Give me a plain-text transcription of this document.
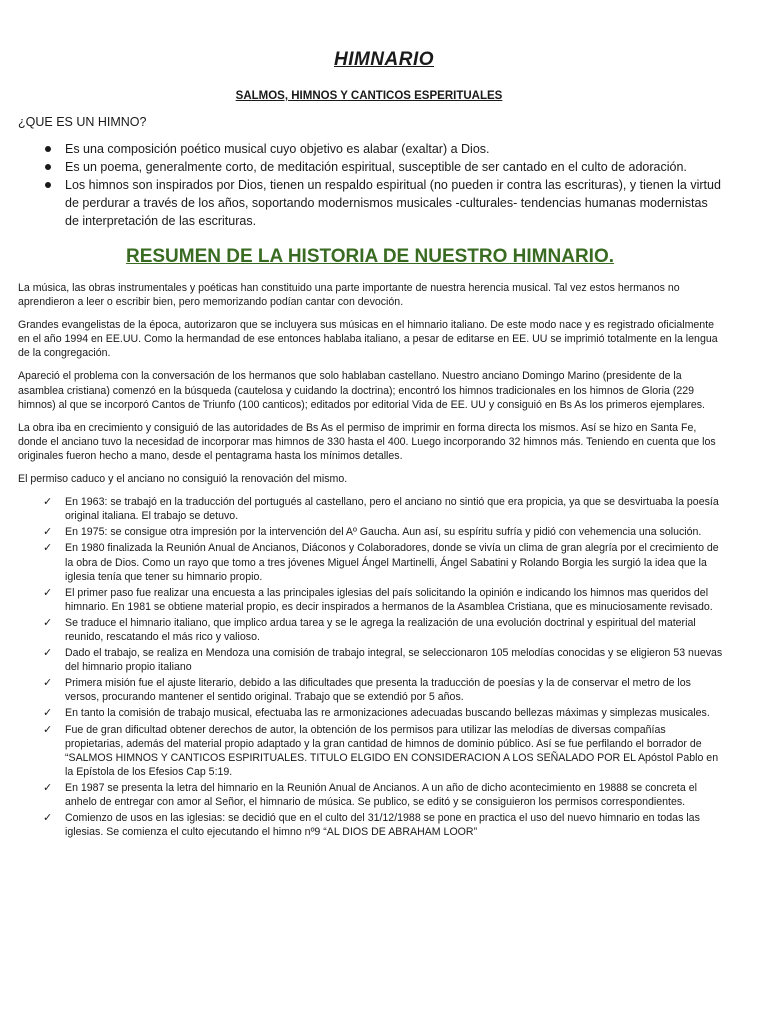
HIMNARIO
SALMOS, HIMNOS Y CANTICOS ESPERITUALES
¿QUE ES UN HIMNO?
Es una composición poético musical cuyo objetivo es alabar (exaltar) a Dios.
Es un poema, generalmente corto, de meditación espiritual, susceptible de ser cantado en el culto de adoración.
Los himnos son inspirados por Dios, tienen un respaldo espiritual (no pueden ir contra las escrituras), y tienen la virtud de perdurar a través de los años, soportando modernismos musicales -culturales- tendencias humanas modernistas de interpretación de las escrituras.
RESUMEN DE LA HISTORIA DE NUESTRO HIMNARIO.

La música, las obras instrumentales y poéticas han constituido una parte importante de nuestra herencia musical. Tal vez estos hermanos no aprendieron a leer o escribir bien, pero memorizando podían cantar con devoción.

Grandes evangelistas de la época, autorizaron que se incluyera sus músicas en el himnario italiano. De este modo nace y es registrado oficialmente en el año 1994 en EE.UU. Como la hermandad de ese entonces hablaba italiano, a pesar de editarse en EE. UU se imprimió totalmente en la lengua de la congregación.

Apareció el problema con la conversación de los hermanos que solo hablaban castellano. Nuestro anciano Domingo Marino (presidente de la asamblea cristiana) comenzó en la búsqueda (cautelosa y cuidando la doctrina); encontró los himnos tradicionales en los himnos de Gloria (229 himnos) al que se incorporó Cantos de Triunfo (100 canticos); editados por editorial Vida de EE. UU y consiguió en Bs As los primeros ejemplares.

La obra iba en crecimiento y consiguió de las autoridades de Bs As el permiso de imprimir en forma directa los mismos. Así se hizo en Santa Fe, donde el anciano tuvo la necesidad de incorporar mas himnos de 330 hasta el 400. Luego incorporando 32 himnos más. Teniendo en cuenta que los originales fueron hecho a mano, desde el pentagrama hasta los mínimos detalles.

El permiso caduco y el anciano no consiguió la renovación del mismo.

✓ En 1963: se trabajó en la traducción del portugués al castellano, pero el anciano no sintió que era propicia, ya que se desvirtuaba la poesía original italiana. El trabajo se detuvo.
✓ En 1975: se consigue otra impresión por la intervención del Aº Gaucha. Aun así, su espíritu sufría y pidió con vehemencia una solución.
✓ En 1980 finalizada la Reunión Anual de Ancianos, Diáconos y Colaboradores, donde se vivía un clima de gran alegría por el crecimiento de la obra de Dios. Como un rayo que tomo a tres jóvenes Miguel Ángel Martinelli, Ángel Sabatini y Rolando Borgia les surgió la idea que la iglesia tenía que tener su himnario propio.
✓ El primer paso fue realizar una encuesta a las principales iglesias del país solicitando la opinión e indicando los himnos mas queridos del himnario. En 1981 se obtiene material propio, es decir inspirados a hermanos de la Asamblea Cristiana, que es minuciosamente revisado.
✓ Se traduce el himnario italiano, que implico ardua tarea y se le agrega la realización de una evolución doctrinal y espiritual del material reunido, rescatando el más rico y valioso.
✓ Dado el trabajo, se realiza en Mendoza una comisión de trabajo integral, se seleccionaron 105 melodías conocidas y se eligieron 53 nuevas del himnario propio italiano
✓ Primera misión fue el ajuste literario, debido a las dificultades que presenta la traducción de poesías y la de conservar el metro de los versos, procurando mantener el sentido original. Trabajo que se extendió por 5 años.
✓ En tanto la comisión de trabajo musical, efectuaba las re armonizaciones adecuadas buscando bellezas máximas y simplezas musicales.
✓ Fue de gran dificultad obtener derechos de autor, la obtención de los permisos para utilizar las melodías de diversas compañías propietarias, además del material propio adaptado y la gran cantidad de himnos de dominio público. Así se fue perfilando el borrador de “SALMOS HIMNOS Y CANTICOS ESPIRITUALES. TITULO ELGIDO EN CONSIDERACION A LOS SEÑALADO POR EL Apóstol Pablo en la Epístola de los Efesios Cap 5:19.
✓ En 1987 se presenta la letra del himnario en la Reunión Anual de Ancianos. A un año de dicho acontecimiento en 19888 se concreta el anhelo de entregar con amor al Señor, el himnario de música. Se publico, se editó y se consiguieron los permisos correspondientes.
✓ Comienzo de usos en las iglesias: se decidió que en el culto del 31/12/1988 se pone en practica el uso del nuevo himnario en todas las iglesias. Se comienza el culto ejecutando el himno nº9 “AL DIOS DE ABRAHAM LOOR”
